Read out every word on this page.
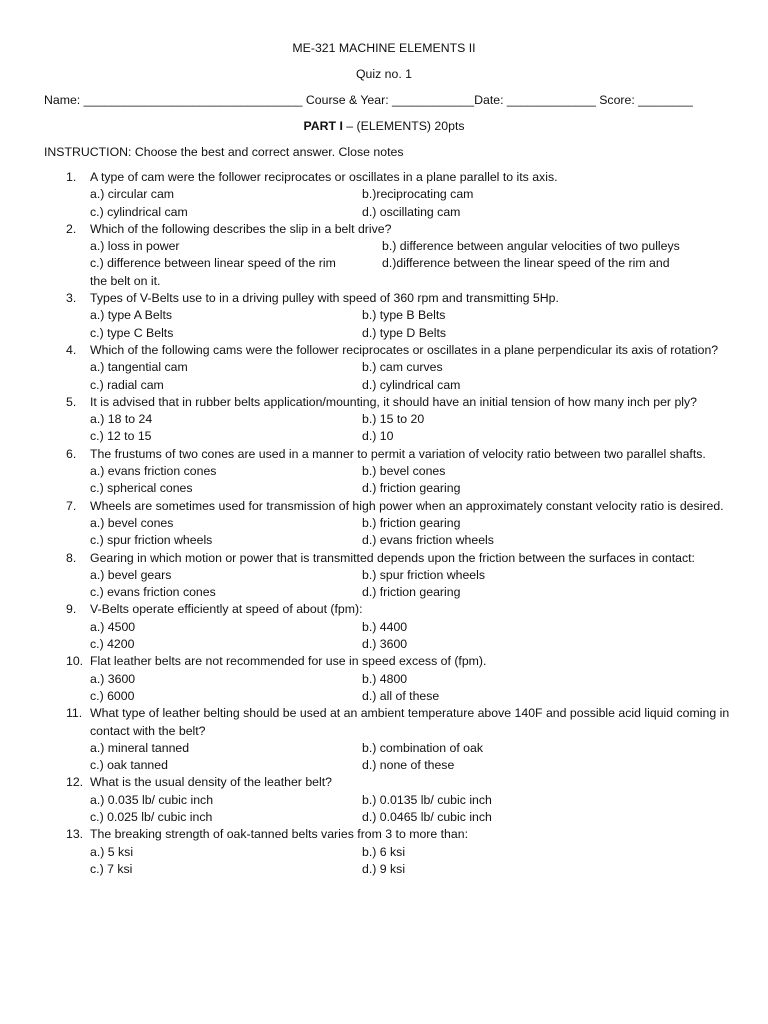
ME-321 MACHINE ELEMENTS II
Quiz no. 1
Name: ________________________________ Course & Year: ____________Date: _____________ Score: ________
PART I – (ELEMENTS) 20pts
INSTRUCTION: Choose the best and correct answer. Close notes
1.	A type of cam were the follower reciprocates or oscillates in a plane parallel to its axis.
a.) circular cam	b.)reciprocating cam
c.) cylindrical cam	d.) oscillating cam
2.	Which of the following describes the slip in a belt drive?
a.) loss in power	b.) difference between angular velocities of two pulleys
c.) difference between linear speed of the rim	d.)difference between the linear speed of the rim and
the belt on it.
3.	Types of V-Belts use to in a driving pulley with speed of 360 rpm and transmitting 5Hp.
a.) type A Belts	b.) type B Belts
c.) type C Belts	d.) type D Belts
4.	Which of the following cams were the follower reciprocates or oscillates in a plane perpendicular its axis of rotation?
a.) tangential cam	b.) cam curves
c.) radial cam	d.) cylindrical cam
5.	It is advised that in rubber belts application/mounting, it should have an initial tension of how many inch per ply?
a.) 18 to 24	b.) 15 to 20
c.) 12 to 15	d.) 10
6.	The frustums of two cones are used in a manner to permit a variation of velocity ratio between two parallel shafts.
a.) evans friction cones	b.) bevel cones
c.) spherical cones	d.) friction gearing
7.	Wheels are sometimes used for transmission of high power when an approximately constant velocity ratio is desired.
a.) bevel cones	b.) friction gearing
c.) spur friction wheels	d.) evans friction wheels
8.	Gearing in which motion or power that is transmitted depends upon the friction between the surfaces in contact:
a.) bevel gears	b.) spur friction wheels
c.) evans friction cones	d.) friction gearing
9.	V-Belts operate efficiently at speed of about (fpm):
a.) 4500	b.) 4400
c.) 4200	d.) 3600
10. Flat leather belts are not recommended for use in speed excess of (fpm).
a.) 3600	b.) 4800
c.) 6000	d.) all of these
11. What type of leather belting should be used at an ambient temperature above 140F and possible acid liquid coming in contact with the belt?
a.) mineral tanned	b.) combination of oak
c.) oak tanned	d.) none of these
12. What is the usual density of the leather belt?
a.) 0.035 lb/ cubic inch	b.) 0.0135 lb/ cubic inch
c.) 0.025 lb/ cubic inch	d.) 0.0465 lb/ cubic inch
13. The breaking strength of oak-tanned belts varies from 3 to more than:
a.) 5 ksi	b.) 6 ksi
c.) 7 ksi	d.) 9 ksi
